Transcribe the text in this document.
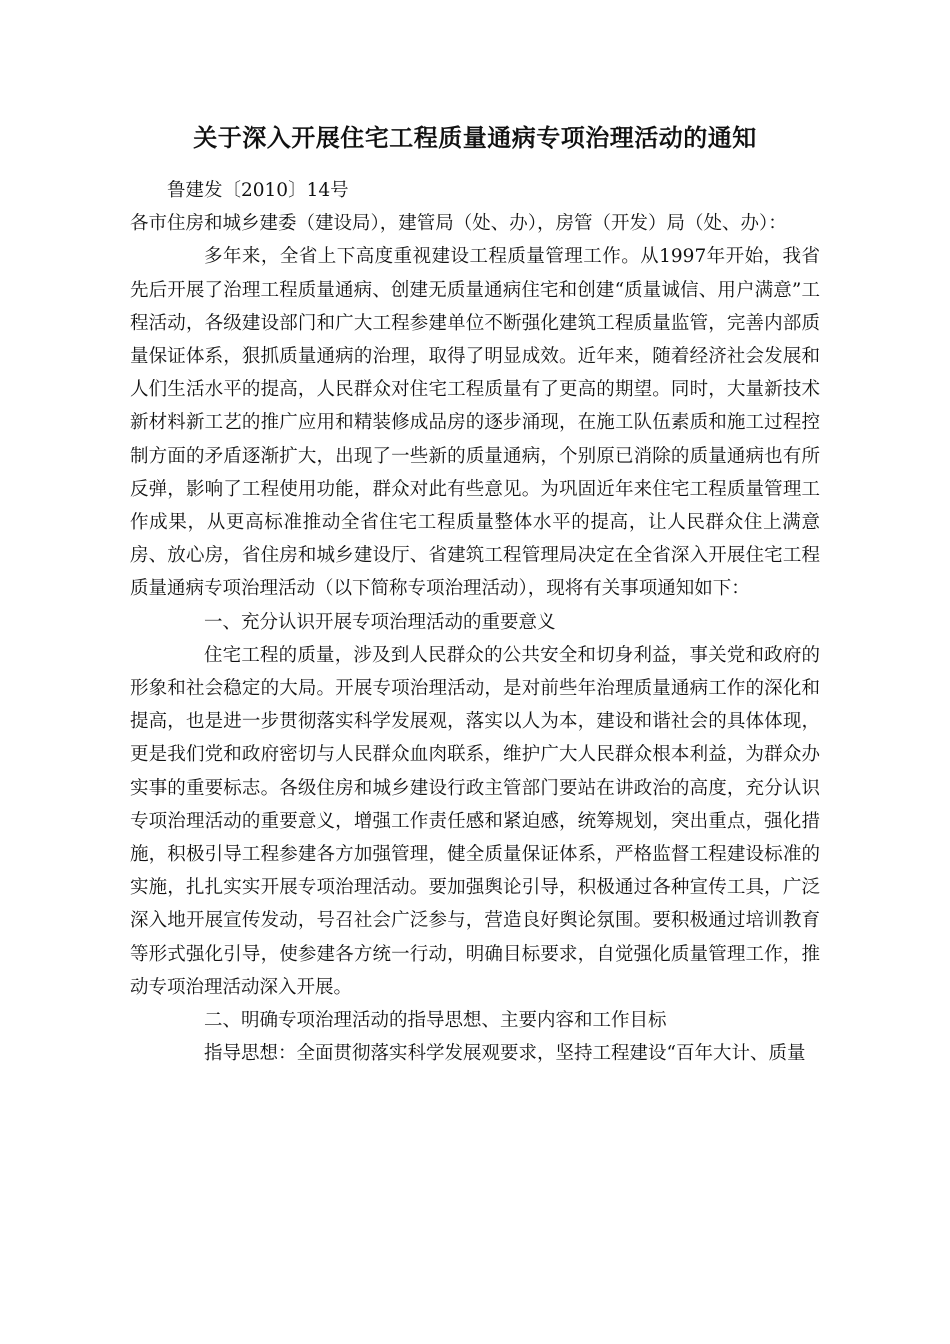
关于深入开展住宅工程质量通病专项治理活动的通知

鲁建发〔2010〕14号

各市住房和城乡建委（建设局），建管局（处、办），房管（开发）局（处、办）：

多年来，全省上下高度重视建设工程质量管理工作。从1997年开始，我省先后开展了治理工程质量通病、创建无质量通病住宅和创建“质量诚信、用户满意”工程活动，各级建设部门和广大工程参建单位不断强化建筑工程质量监管，完善内部质量保证体系，狠抓质量通病的治理，取得了明显成效。近年来，随着经济社会发展和人们生活水平的提高，人民群众对住宅工程质量有了更高的期望。同时，大量新技术新材料新工艺的推广应用和精装修成品房的逐步涌现，在施工队伍素质和施工过程控制方面的矛盾逐渐扩大，出现了一些新的质量通病，个别原已消除的质量通病也有所反弹，影响了工程使用功能，群众对此有些意见。为巩固近年来住宅工程质量管理工作成果，从更高标准推动全省住宅工程质量整体水平的提高，让人民群众住上满意房、放心房，省住房和城乡建设厅、省建筑工程管理局决定在全省深入开展住宅工程质量通病专项治理活动（以下简称专项治理活动），现将有关事项通知如下：

一、充分认识开展专项治理活动的重要意义

住宅工程的质量，涉及到人民群众的公共安全和切身利益，事关党和政府的形象和社会稳定的大局。开展专项治理活动，是对前些年治理质量通病工作的深化和提高，也是进一步贯彻落实科学发展观，落实以人为本，建设和谐社会的具体体现，更是我们党和政府密切与人民群众血肉联系，维护广大人民群众根本利益，为群众办实事的重要标志。各级住房和城乡建设行政主管部门要站在讲政治的高度，充分认识专项治理活动的重要意义，增强工作责任感和紧迫感，统筹规划，突出重点，强化措施，积极引导工程参建各方加强管理，健全质量保证体系，严格监督工程建设标准的实施，扎扎实实开展专项治理活动。要加强舆论引导，积极通过各种宣传工具，广泛深入地开展宣传发动，号召社会广泛参与，营造良好舆论氛围。要积极通过培训教育等形式强化引导，使参建各方统一行动，明确目标要求，自觉强化质量管理工作，推动专项治理活动深入开展。

二、明确专项治理活动的指导思想、主要内容和工作目标

指导思想：全面贯彻落实科学发展观要求，坚持工程建设“百年大计、质量
